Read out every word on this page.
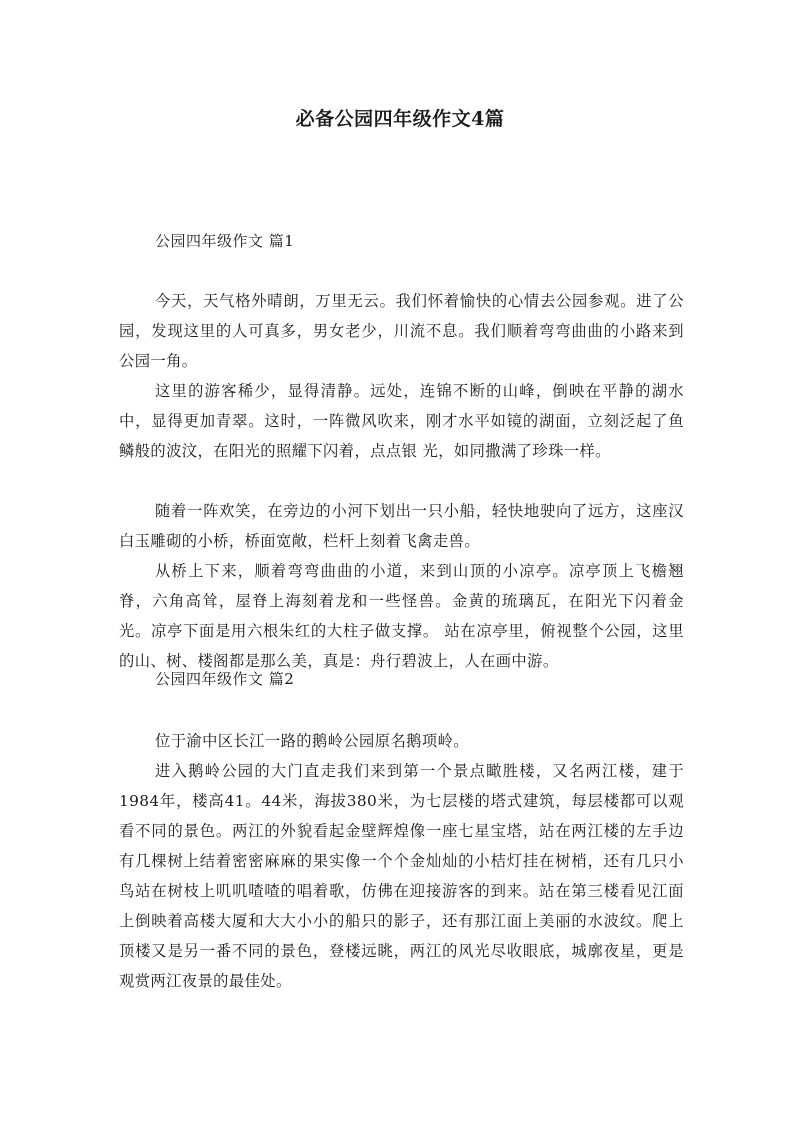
必备公园四年级作文4篇
公园四年级作文 篇1
今天，天气格外晴朗，万里无云。我们怀着愉快的心情去公园参观。进了公园，发现这里的人可真多，男女老少，川流不息。我们顺着弯弯曲曲的小路来到公园一角。
这里的游客稀少，显得清静。远处，连锦不断的山峰，倒映在平静的湖水中，显得更加青翠。这时，一阵微风吹来，刚才水平如镜的湖面，立刻泛起了鱼鳞般的波汶，在阳光的照耀下闪着，点点银 光，如同撒满了珍珠一样。
随着一阵欢笑，在旁边的小河下划出一只小船，轻快地驶向了远方，这座汉白玉雕砌的小桥，桥面宽敞，栏杆上刻着飞禽走兽。
从桥上下来，顺着弯弯曲曲的小道，来到山顶的小凉亭。凉亭顶上飞檐翘脊，六角高耸，屋脊上海刻着龙和一些怪兽。金黄的琉璃瓦，在阳光下闪着金光。凉亭下面是用六根朱红的大柱子做支撑。 站在凉亭里，俯视整个公园，这里的山、树、楼阁都是那么美，真是：舟行碧波上，人在画中游。
公园四年级作文 篇2
位于渝中区长江一路的鹅岭公园原名鹅项岭。
进入鹅岭公园的大门直走我们来到第一个景点瞰胜楼，又名两江楼，建于1984年，楼高41。44米，海拔380米，为七层楼的塔式建筑，每层楼都可以观看不同的景色。两江的外貌看起金壁辉煌像一座七星宝塔，站在两江楼的左手边有几棵树上结着密密麻麻的果实像一个个金灿灿的小桔灯挂在树梢，还有几只小鸟站在树枝上叽叽喳喳的唱着歌，仿佛在迎接游客的到来。站在第三楼看见江面上倒映着高楼大厦和大大小小的船只的影子，还有那江面上美丽的水波纹。爬上顶楼又是另一番不同的景色，登楼远眺，两江的风光尽收眼底，城廓夜星，更是观赏两江夜景的最佳处。
